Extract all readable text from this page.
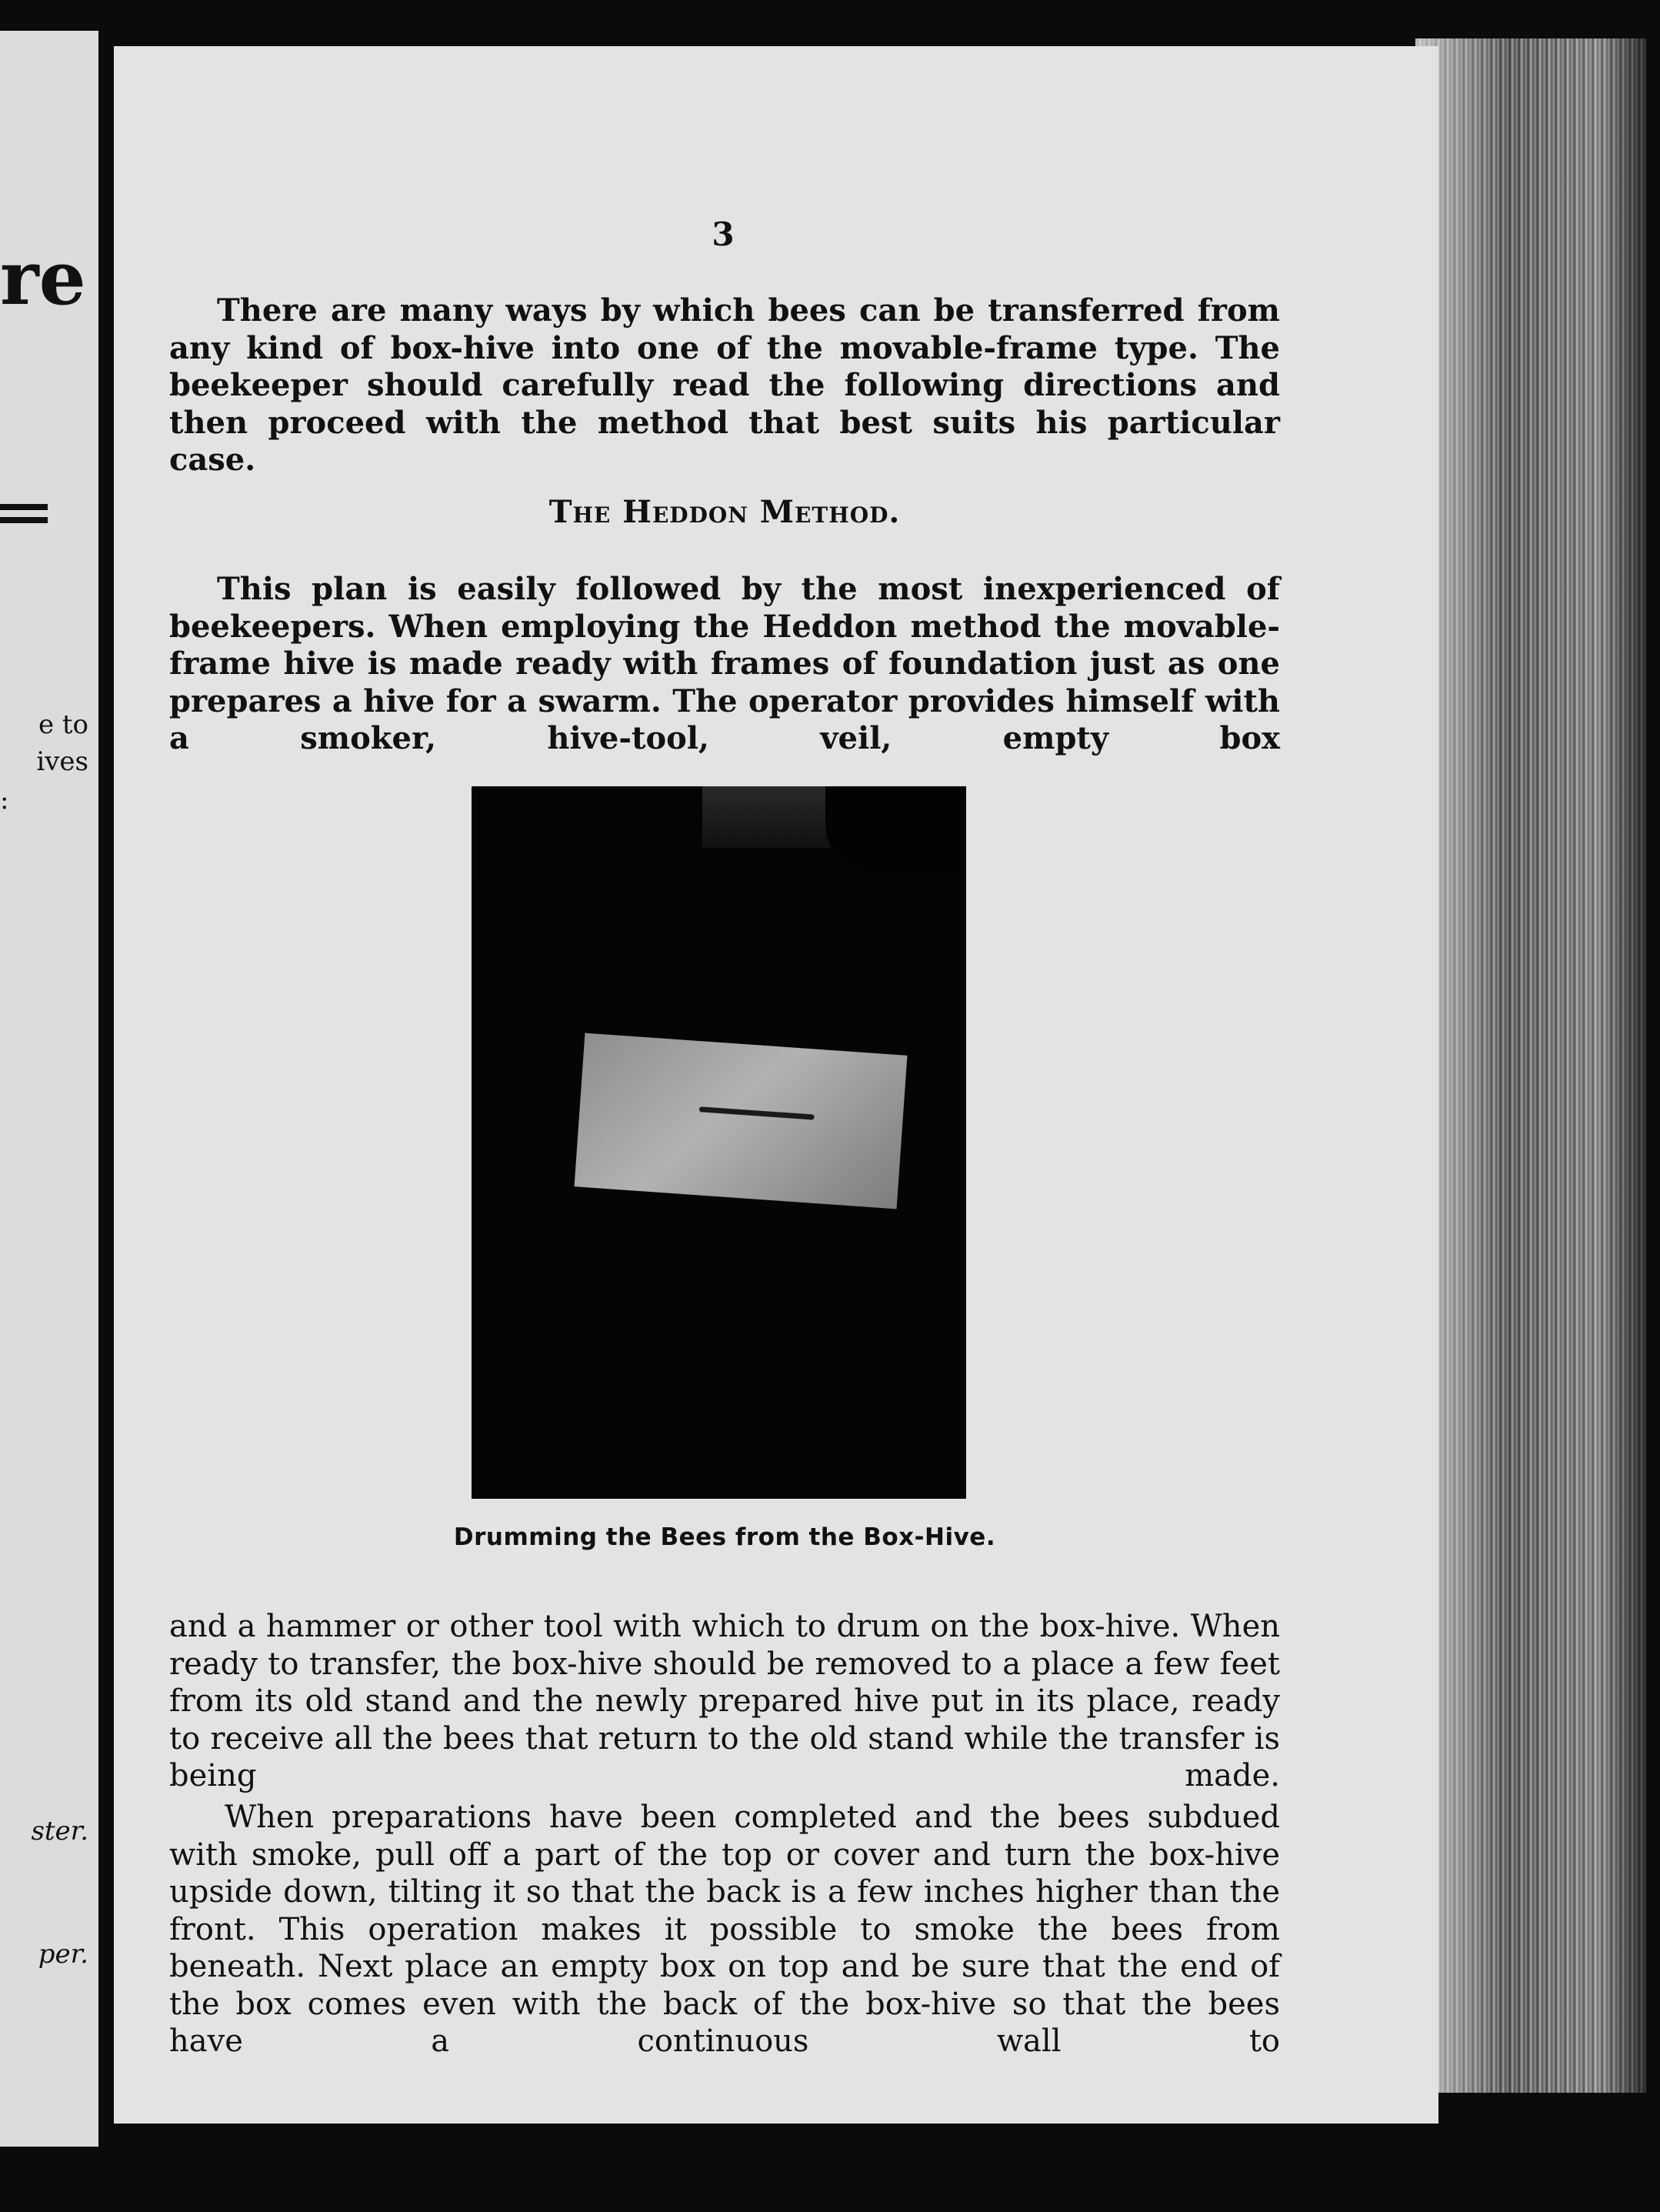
re
e to
ives
:
ster.
per.
3
There are many ways by which bees can be transferred from any kind of box-hive into one of the movable-frame type. The beekeeper should carefully read the following directions and then proceed with the method that best suits his particular case.
The Heddon Method.
This plan is easily followed by the most inexperienced of beekeepers. When employing the Heddon method the movable-frame hive is made ready with frames of foundation just as one prepares a hive for a swarm. The operator provides himself with a smoker, hive-tool, veil, empty box
Drumming the Bees from the Box-Hive.
and a hammer or other tool with which to drum on the box-hive. When ready to transfer, the box-hive should be removed to a place a few feet from its old stand and the newly prepared hive put in its place, ready to receive all the bees that return to the old stand while the transfer is being made.
When preparations have been completed and the bees subdued with smoke, pull off a part of the top or cover and turn the box-hive upside down, tilting it so that the back is a few inches higher than the front. This operation makes it possible to smoke the bees from beneath. Next place an empty box on top and be sure that the end of the box comes even with the back of the box-hive so that the bees have a continuous wall to
